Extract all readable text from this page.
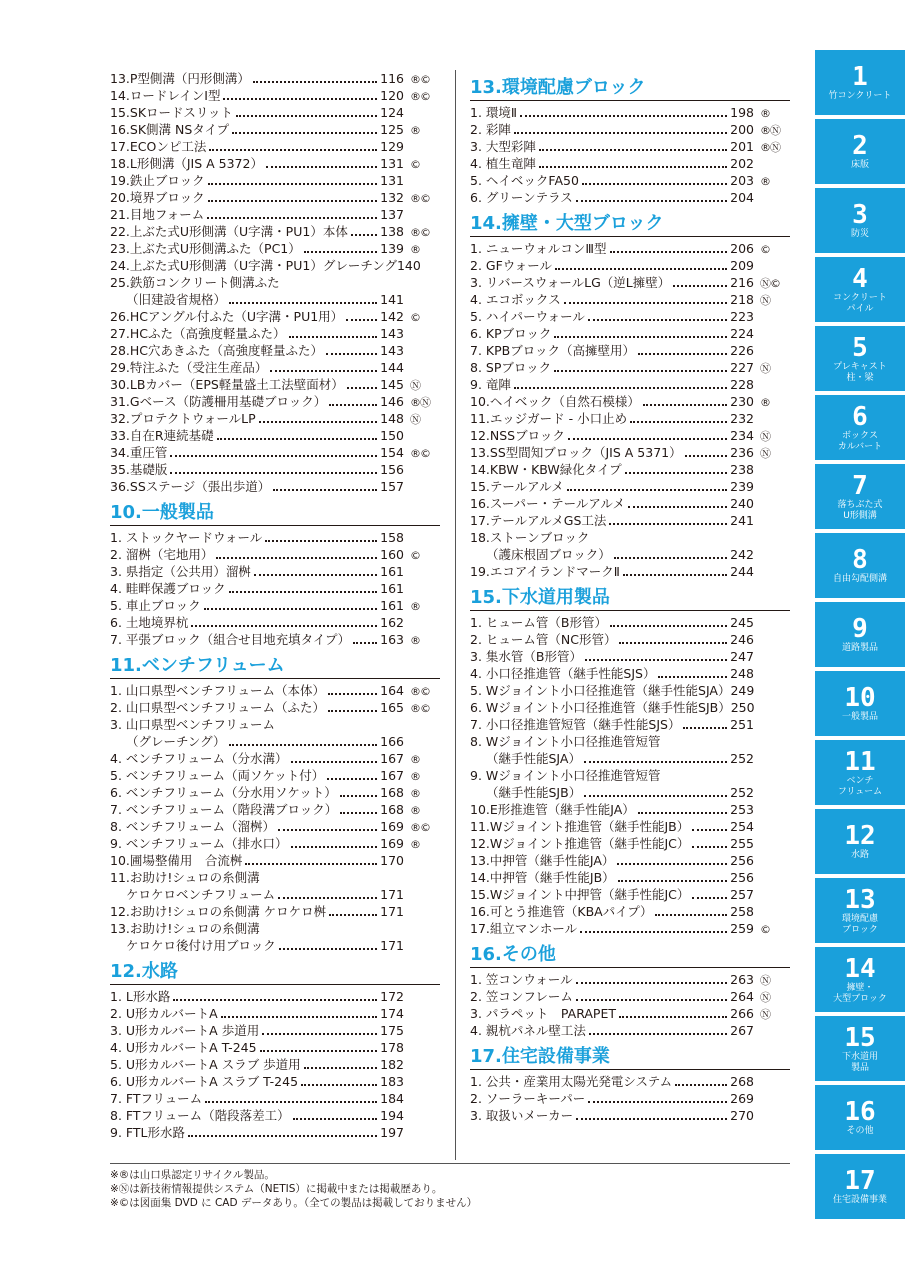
13.P型側溝（円形側溝）	116 ®©
14.ロードレインⅠ型	120 ®©
15.SKロードスリット	124
16.SK側溝 NSタイプ	125 ®
17.ECOンピ工法	129
18.L形側溝（JIS A 5372）	131 ©
19.鉄止ブロック	131
20.境界ブロック	132 ®©
21.目地フォーム	137
22.上ぶた式U形側溝（U字溝・PU1）本体	138 ®©
23.上ぶた式U形側溝ふた（PC1）	139 ®
24.上ぶた式U形側溝（U字溝・PU1）グレーチング 140
25.鉄筋コンクリート側溝ふた
（旧建設省規格）	141
26.HCアングル付ふた（U字溝・PU1用）	142 ©
27.HCふた（高強度軽量ふた）	143
28.HC穴あきふた（高強度軽量ふた）	143
29.特注ふた（受注生産品）	144
30.LBカバー（EPS軽量盛土工法壁面材）	145 Ⓝ
31.Gベース（防護柵用基礎ブロック）	146 ®Ⓝ
32.プロテクトウォールLP	148 Ⓝ
33.自在R連続基礎	150
34.重圧管	154 ®©
35.基礎版	156
36.SSステージ（張出歩道）	157
10.一般製品
1. ストックヤードウォール	158
2. 溜桝（宅地用）	160 ©
3. 県指定（公共用）溜桝	161
4. 畦畔保護ブロック	161
5. 車止ブロック	161 ®
6. 土地境界杭	162
7. 平張ブロック（組合せ目地充填タイプ） 163 ®
11.ベンチフリューム
1. 山口県型ベンチフリューム（本体）	164 ®©
2. 山口県型ベンチフリューム（ふた）	165 ®©
3. 山口県型ベンチフリューム
（グレーチング）	166
4. ベンチフリューム（分水溝）	167 ®
5. ベンチフリューム（両ソケット付）	167 ®
6. ベンチフリューム（分水用ソケット）	168 ®
7. ベンチフリューム（階段溝ブロック）	168 ®
8. ベンチフリューム（溜桝）	169 ®©
9. ベンチフリューム（排水口）	169 ®
10.圃場整備用　合流桝	170
11.お助け!シュロの糸側溝
ケロケロベンチフリューム	171
12.お助け!シュロの糸側溝 ケロケロ桝	171
13.お助け!シュロの糸側溝
ケロケロ後付け用ブロック	171
12.水路
1. L形水路	172
2. U形カルバートA	174
3. U形カルバートA 歩道用	175
4. U形カルバートA T-245	178
5. U形カルバートA スラブ 歩道用	182
6. U形カルバートA スラブ T-245	183
7. FTフリューム	184
8. FTフリューム（階段落差工）	194
9. FTL形水路	197
13.環境配慮ブロック
1. 環境Ⅱ	198 ®
2. 彩陣	200 ®Ⓝ
3. 大型彩陣	201 ®Ⓝ
4. 植生竜陣	202
5. ヘイベックFA50	203 ®
6. グリーンテラス	204
14.擁壁・大型ブロック
1. ニューウォルコンⅢ型	206 ©
2. GFウォール	209
3. リバースウォールLG（逆L擁壁）	216 Ⓝ©
4. エコボックス	218 Ⓝ
5. ハイパーウォール	223
6. KPブロック	224
7. KPBブロック（高擁壁用）	226
8. SPブロック	227 Ⓝ
9. 竜陣	228
10.ヘイベック（自然石模様）	230 ®
11.エッジガード - 小口止め	232
12.NSSブロック	234 Ⓝ
13.SS型間知ブロック（JIS A 5371）	236 Ⓝ
14.KBW・KBW緑化タイプ	238
15.テールアルメ	239
16.スーパー・テールアルメ	240
17.テールアルメGS工法	241
18.ストーンブロック
（護床根固ブロック）	242
19.エコアイランドマークⅡ	244
15.下水道用製品
1. ヒューム管（B形管）	245
2. ヒューム管（NC形管）	246
3. 集水管（B形管）	247
4. 小口径推進管（継手性能SJS）	248
5. Wジョイント小口径推進管（継手性能SJA） 249
6. Wジョイント小口径推進管（継手性能SJB） 250
7. 小口径推進管短管（継手性能SJS）	251
8. Wジョイント小口径推進管短管
（継手性能SJA）	252
9. Wジョイント小口径推進管短管
（継手性能SJB）	252
10.E形推進管（継手性能JA）	253
11.Wジョイント推進管（継手性能JB）	254
12.Wジョイント推進管（継手性能JC）	255
13.中押管（継手性能JA）	256
14.中押管（継手性能JB）	256
15.Wジョイント中押管（継手性能JC）	257
16.可とう推進管（KBAパイプ）	258
17.組立マンホール	259 ©
16.その他
1. 笠コンウォール	263 Ⓝ
2. 笠コンフレーム	264 Ⓝ
3. パラペット　PARAPET	266 Ⓝ
4. 親杭パネル壁工法	267
17.住宅設備事業
1. 公共・産業用太陽光発電システム	268
2. ソーラーキーパー	269
3. 取扱いメーカー	270
1
竹コンクリート
2
床版
3
防災
4
コンクリート
パイル
5
プレキャスト
柱・梁
6
ボックス
カルバート
7
落ちぶた式
U形側溝
8
自由勾配側溝
9
道路製品
10
一般製品
11
ベンチ
フリューム
12
水路
13
環境配慮
ブロック
14
擁壁・
大型ブロック
15
下水道用
製品
16
その他
17
住宅設備事業
※®は山口県認定リサイクル製品。
※Ⓝは新技術情報提供システム（NETIS）に掲載中または掲載歴あり。
※©は図面集 DVD に CAD データあり。（全ての製品は掲載しておりません）
